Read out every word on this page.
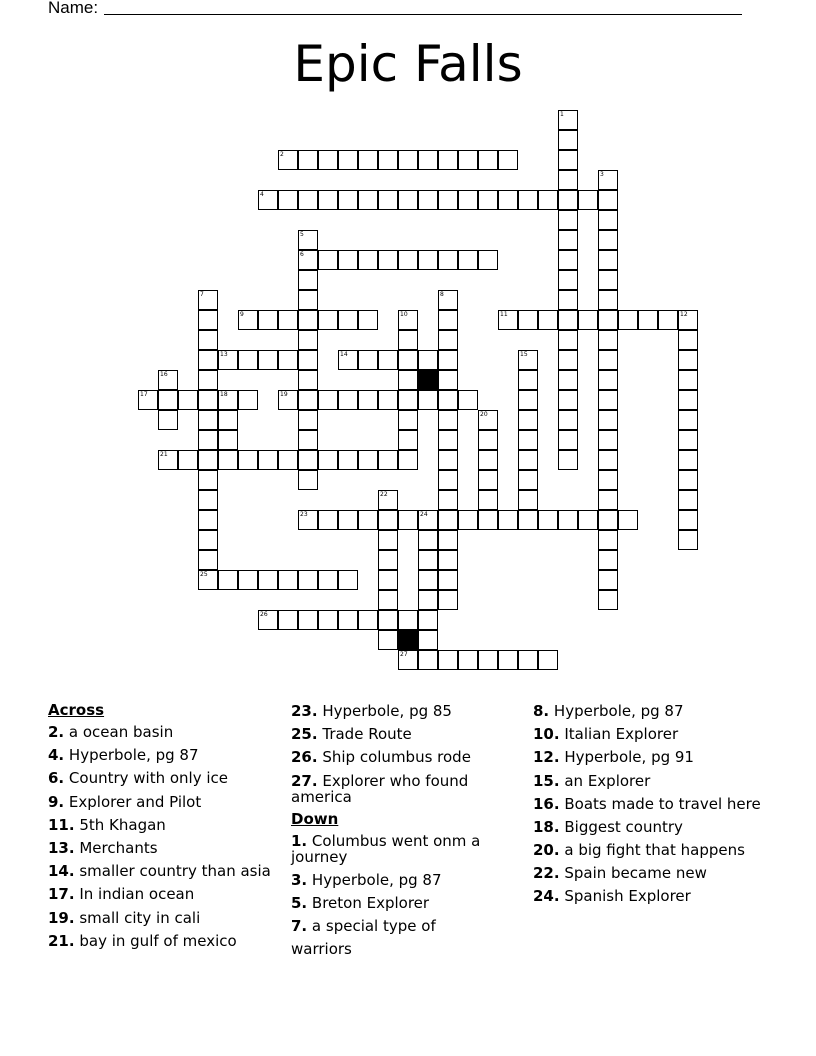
Name:
Epic Falls
1
2
3
4
5
6
7
25
8
9	10	11	12
13	14	15
16
17	18	19
20
21
22
23	24
26
27
Across
2. a ocean basin
4. Hyperbole, pg 87
6. Country with only ice
9. Explorer and Pilot
11. 5th Khagan
13. Merchants
14. smaller country than asia
17. In indian ocean
19. small city in cali
21. bay in gulf of mexico
23. Hyperbole, pg 85
25. Trade Route
26. Ship columbus rode
27. Explorer who found america
Down
1. Columbus went onm a journey
3. Hyperbole, pg 87
5. Breton Explorer
7. a special type of warriors
8. Hyperbole, pg 87
10. Italian Explorer
12. Hyperbole, pg 91
15. an Explorer
16. Boats made to travel here
18. Biggest country
20. a big fight that happens
22. Spain became new
24. Spanish Explorer
